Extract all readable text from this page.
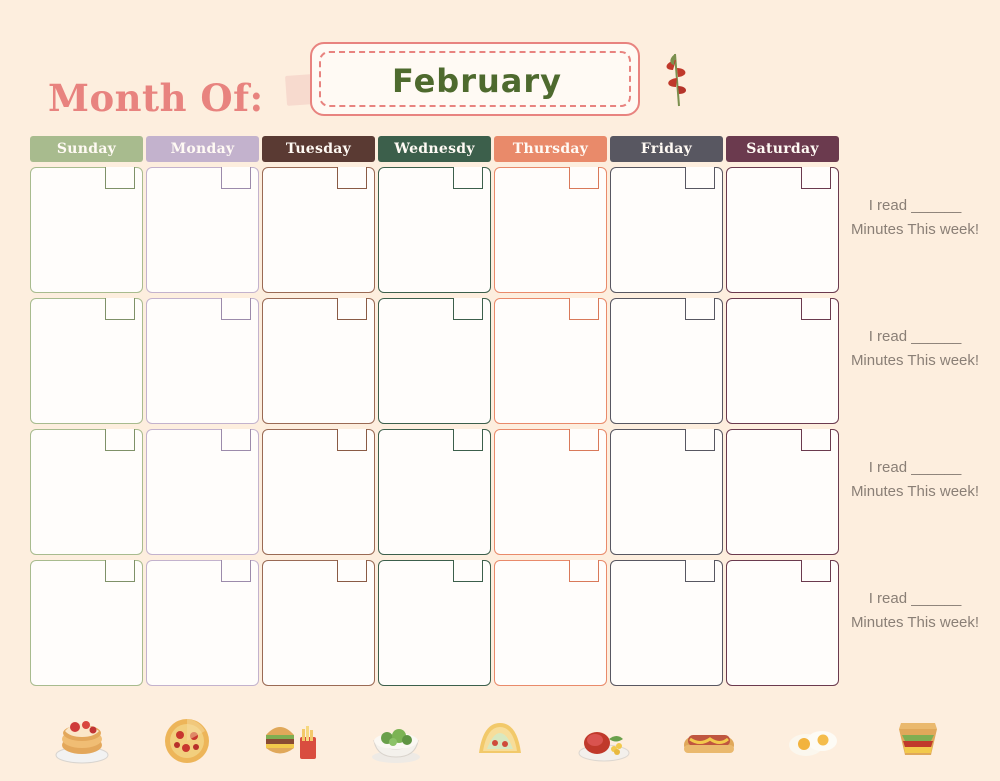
Month Of:	February
Sunday	Monday	Tuesday	Wednesdy	Thursday	Friday	Saturday
I read ______ Minutes This week!
I read ______ Minutes This week!
I read ______ Minutes This week!
I read ______ Minutes This week!
